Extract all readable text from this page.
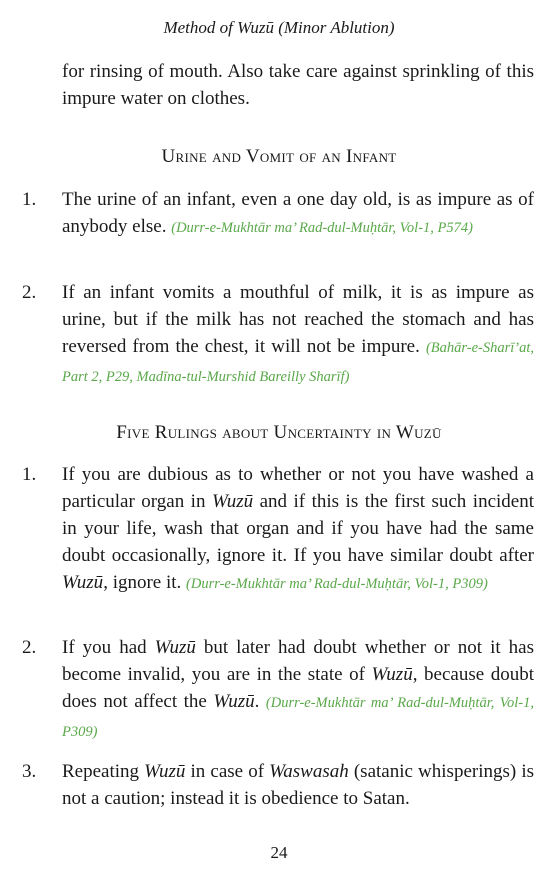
Method of Wuzū (Minor Ablution)
for rinsing of mouth. Also take care against sprinkling of this impure water on clothes.
Urine and Vomit of an Infant
1. The urine of an infant, even a one day old, is as impure as of anybody else. (Durr-e-Mukhtār ma’ Rad-dul-Muḥtār, Vol-1, P574)
2. If an infant vomits a mouthful of milk, it is as impure as urine, but if the milk has not reached the stomach and has reversed from the chest, it will not be impure. (Bahār-e-Sharī’at, Part 2, P29, Madīna-tul-Murshid Bareilly Sharīf)
Five Rulings about Uncertainty in Wuzū
1. If you are dubious as to whether or not you have washed a particular organ in Wuzū and if this is the first such incident in your life, wash that organ and if you have had the same doubt occasionally, ignore it. If you have similar doubt after Wuzū, ignore it. (Durr-e-Mukhtār ma’ Rad-dul-Muḥtār, Vol-1, P309)
2. If you had Wuzū but later had doubt whether or not it has become invalid, you are in the state of Wuzū, because doubt does not affect the Wuzū. (Durr-e-Mukhtār ma’ Rad-dul-Muḥtār, Vol-1, P309)
3. Repeating Wuzū in case of Waswasah (satanic whisperings) is not a caution; instead it is obedience to Satan.
24
